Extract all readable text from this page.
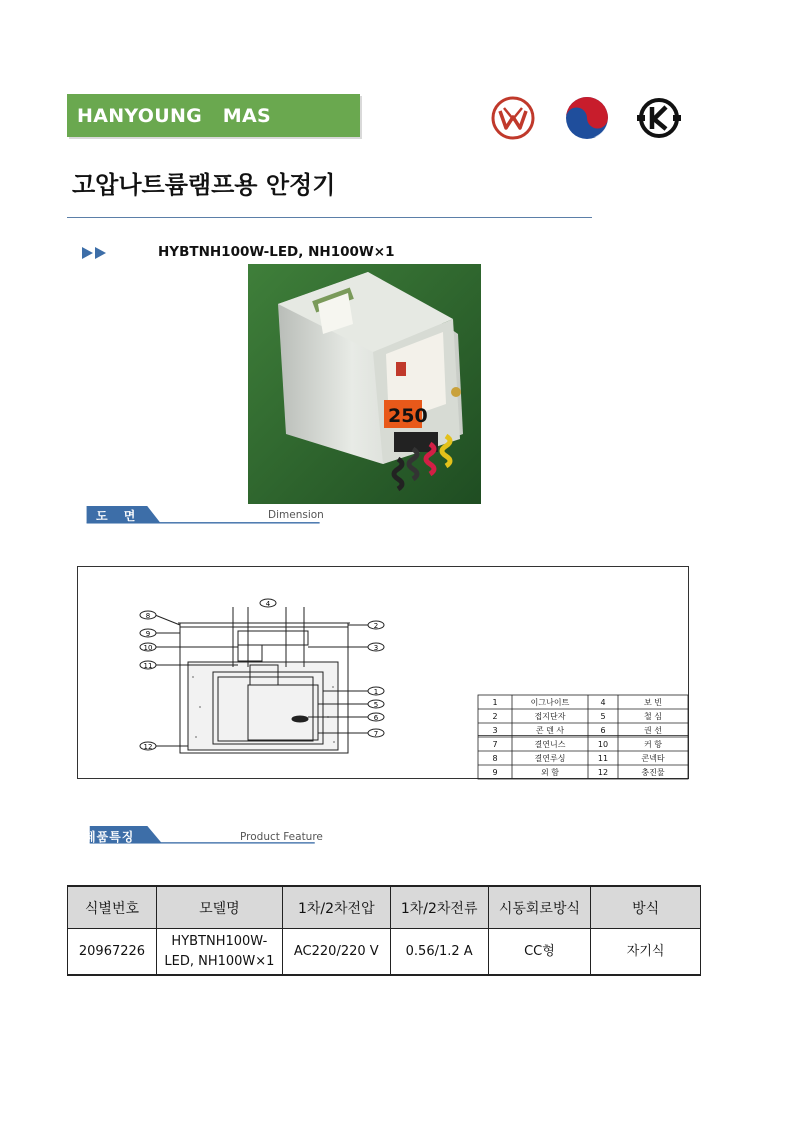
HANYOUNG   MAS
고압나트륨램프용 안정기
HYBTNH100W-LED, NH100W×1
250
도 면	Dimension
8
9
10
11
12
4
2
3
1
5
6
7
1	이그나이트	4	보 빈
2	접지단자	5	철 심
3	콘 덴 사	6	권 선
7	결연니스	10	커 항
8	결연루싱	11	콘넥타
9	외 함	12	충진물
제품특징	Product Feature
식별번호	모델명	1차/2차전압	1차/2차전류	시동회로방식	방식
20967226	HYBTNH100W-LED, NH100W×1	AC220/220 V	0.56/1.2 A	CC형	자기식
